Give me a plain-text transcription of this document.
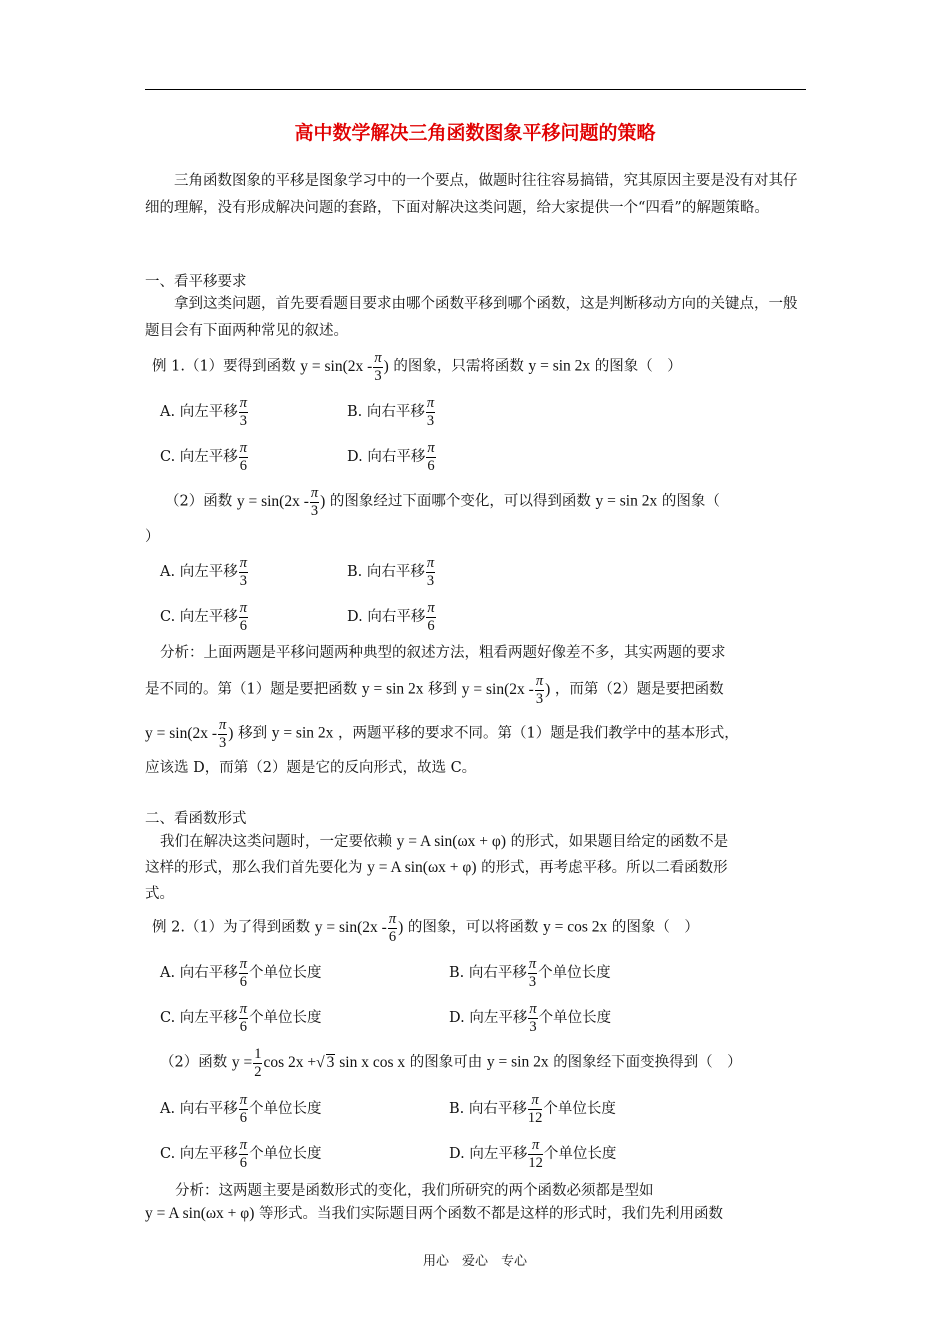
高中数学解决三角函数图象平移问题的策略
三角函数图象的平移是图象学习中的一个要点，做题时往往容易搞错，究其原因主要是没有对其仔细的理解，没有形成解决问题的套路，下面对解决这类问题，给大家提供一个“四看”的解题策略。
一、看平移要求
拿到这类问题，首先要看题目要求由哪个函数平移到哪个函数，这是判断移动方向的关键点，一般题目会有下面两种常见的叙述。
例 1.（1）要得到函数 $y = \sin(2x - \frac{\pi}{3}$ ) 的图象，只需将函数 y = sin 2x 的图象（　）
A. 向左平移 $\frac{\pi}{3}$	B. 向右平移 $\frac{\pi}{3}$
C. 向左平移 $\frac{\pi}{6}$	D. 向右平移 $\frac{\pi}{6}$
（2）函数 $y = \sin(2x - \frac{\pi}{3}$ ) 的图象经过下面哪个变化，可以得到函数 y = sin 2x 的图象（
）
A. 向左平移 $\frac{\pi}{3}$	B. 向右平移 $\frac{\pi}{3}$
C. 向左平移 $\frac{\pi}{6}$	D. 向右平移 $\frac{\pi}{6}$
分析：上面两题是平移问题两种典型的叙述方法，粗看两题好像差不多，其实两题的要求
是不同的。第（1）题是要把函数 y = sin 2x 移到 $y = \sin(2x - \frac{\pi}{3}$ ) ，而第（2）题是要把函数
$y = \sin(2x - \frac{\pi}{3}$ ) 移到 y = sin 2x ，两题平移的要求不同。第（1）题是我们教学中的基本形式，
应该选 D，而第（2）题是它的反向形式，故选 C。
二、看函数形式
我们在解决这类问题时，一定要依赖 y = A sin(ωx + φ) 的形式，如果题目给定的函数不是
这样的形式，那么我们首先要化为 y = A sin(ωx + φ) 的形式，再考虑平移。所以二看函数形
式。
例 2.（1）为了得到函数 $y = \sin(2x - \frac{\pi}{6}$ ) 的图象，可以将函数 y = cos 2x 的图象（　）
A. 向右平移 $\frac{\pi}{6}$ 个单位长度	B. 向右平移 $\frac{\pi}{3}$ 个单位长度
C. 向左平移 $\frac{\pi}{6}$ 个单位长度	D. 向左平移 $\frac{\pi}{3}$ 个单位长度
（2）函数 $y = \frac{1}{2}$ cos 2x +√ 3 sin x cos x 的图象可由 y = sin 2x 的图象经下面变换得到（　）
A. 向右平移 $\frac{\pi}{6}$ 个单位长度	B. 向右平移 $\frac{\pi}{12}$ 个单位长度
C. 向左平移 $\frac{\pi}{6}$ 个单位长度	D. 向左平移 $\frac{\pi}{12}$ 个单位长度
分析：这两题主要是函数形式的变化，我们所研究的两个函数必须都是型如
y = A sin(ωx + φ) 等形式。当我们实际题目两个函数不都是这样的形式时，我们先利用函数
用心　爱心　专心
